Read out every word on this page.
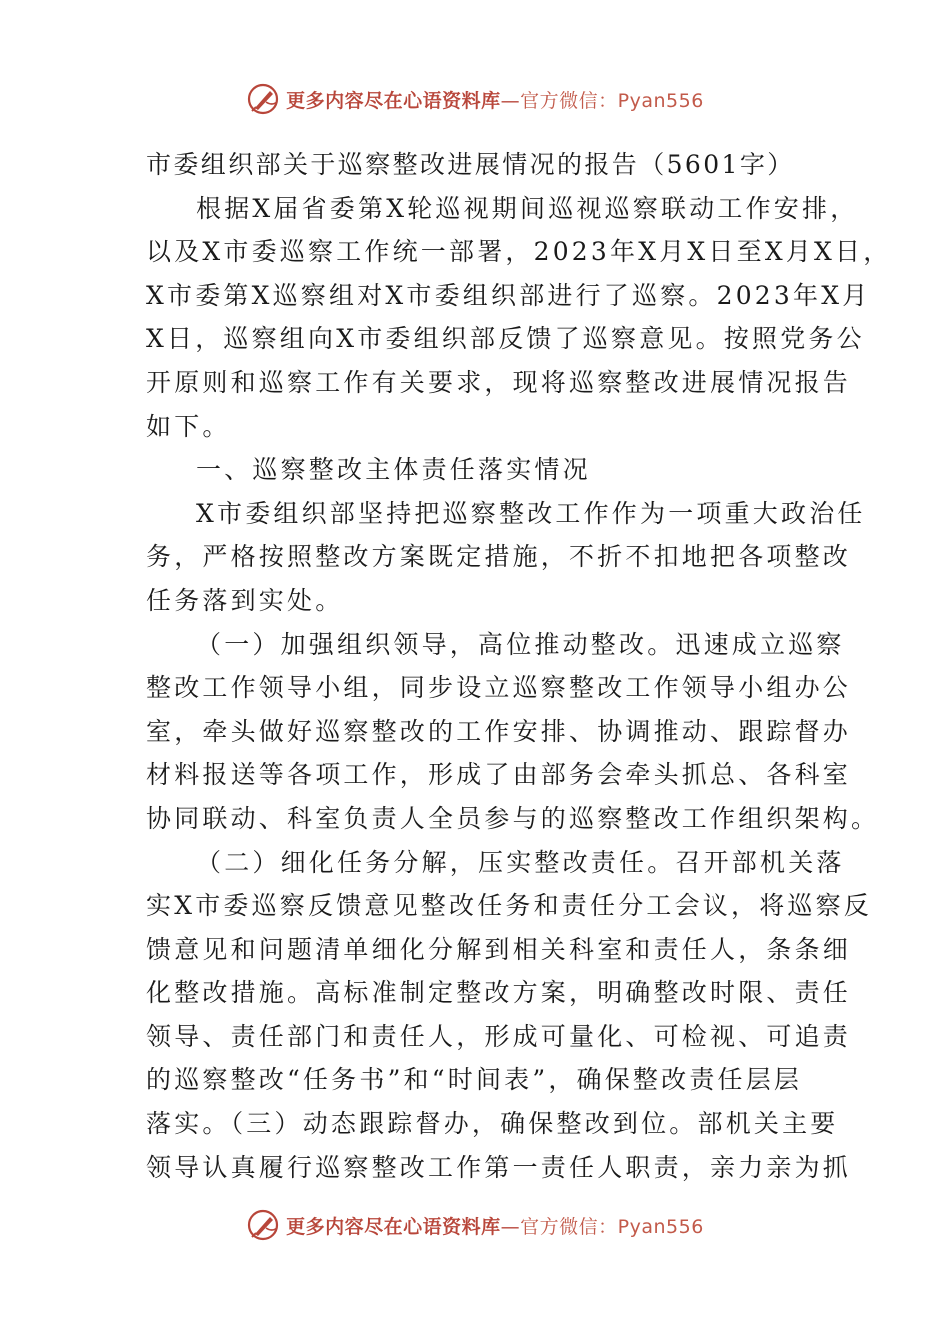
更多内容尽在心语资料库—官方微信：Pyan556
市委组织部关于巡察整改进展情况的报告（5601字）
根据X届省委第X轮巡视期间巡视巡察联动工作安排，
以及X市委巡察工作统一部署，2023年X月X日至X月X日，
X市委第X巡察组对X市委组织部进行了巡察。2023年X月
X日，巡察组向X市委组织部反馈了巡察意见。按照党务公
开原则和巡察工作有关要求，现将巡察整改进展情况报告
如下。
一、巡察整改主体责任落实情况
X市委组织部坚持把巡察整改工作作为一项重大政治任
务，严格按照整改方案既定措施，不折不扣地把各项整改
任务落到实处。
（一）加强组织领导，高位推动整改。迅速成立巡察
整改工作领导小组，同步设立巡察整改工作领导小组办公
室，牵头做好巡察整改的工作安排、协调推动、跟踪督办
材料报送等各项工作，形成了由部务会牵头抓总、各科室
协同联动、科室负责人全员参与的巡察整改工作组织架构。
（二）细化任务分解，压实整改责任。召开部机关落
实X市委巡察反馈意见整改任务和责任分工会议，将巡察反
馈意见和问题清单细化分解到相关科室和责任人，条条细
化整改措施。高标准制定整改方案，明确整改时限、责任
领导、责任部门和责任人，形成可量化、可检视、可追责
的巡察整改“任务书”和“时间表”，确保整改责任层层
落实。（三）动态跟踪督办，确保整改到位。部机关主要
领导认真履行巡察整改工作第一责任人职责，亲力亲为抓
更多内容尽在心语资料库—官方微信：Pyan556
